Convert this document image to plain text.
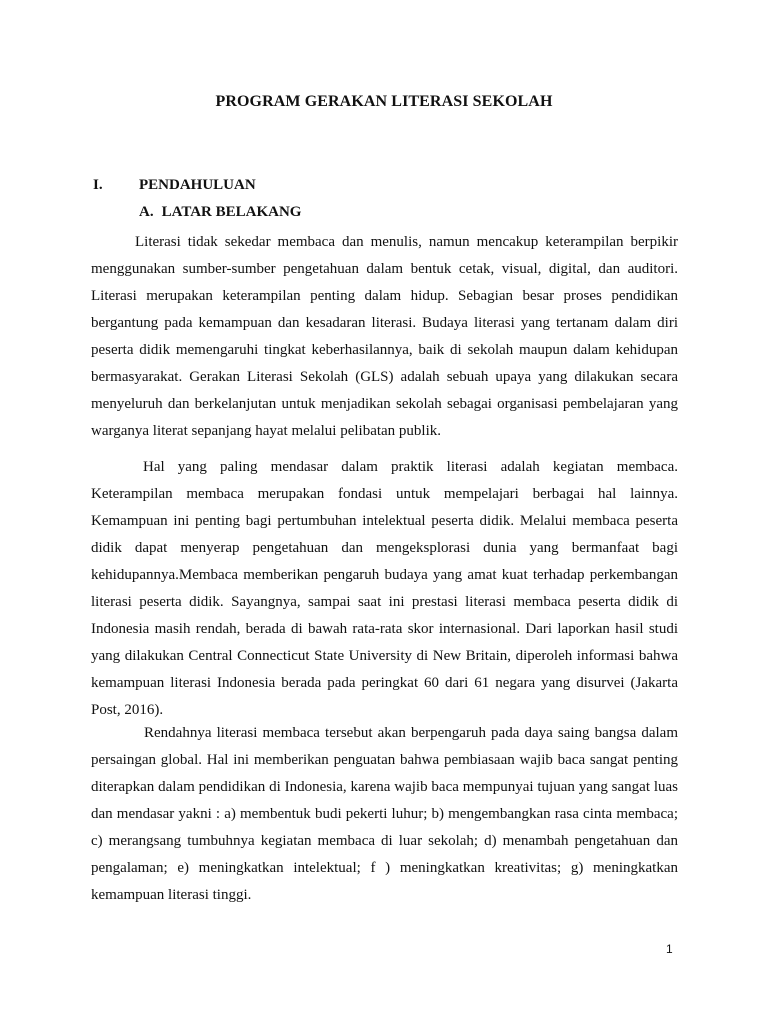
PROGRAM GERAKAN LITERASI SEKOLAH
I. PENDAHULUAN
A. LATAR BELAKANG

Literasi tidak sekedar membaca dan menulis, namun mencakup keterampilan berpikir menggunakan sumber-sumber pengetahuan dalam bentuk cetak, visual, digital, dan auditori. Literasi merupakan keterampilan penting dalam hidup. Sebagian besar proses pendidikan bergantung pada kemampuan dan kesadaran literasi. Budaya literasi yang tertanam dalam diri peserta didik memengaruhi tingkat keberhasilannya, baik di sekolah maupun dalam kehidupan bermasyarakat. Gerakan Literasi Sekolah (GLS) adalah sebuah upaya yang dilakukan secara menyeluruh dan berkelanjutan untuk menjadikan sekolah sebagai organisasi pembelajaran yang warganya literat sepanjang hayat melalui pelibatan publik.

Hal yang paling mendasar dalam praktik literasi adalah kegiatan membaca. Keterampilan membaca merupakan fondasi untuk mempelajari berbagai hal lainnya. Kemampuan ini penting bagi pertumbuhan intelektual peserta didik. Melalui membaca peserta didik dapat menyerap pengetahuan dan mengeksplorasi dunia yang bermanfaat bagi kehidupannya.Membaca memberikan pengaruh budaya yang amat kuat terhadap perkembangan literasi peserta didik. Sayangnya, sampai saat ini prestasi literasi membaca peserta didik di Indonesia masih rendah, berada di bawah rata-rata skor internasional. Dari laporkan hasil studi yang dilakukan Central Connecticut State University di New Britain, diperoleh informasi bahwa kemampuan literasi Indonesia berada pada peringkat 60 dari 61 negara yang disurvei (Jakarta Post, 2016).

Rendahnya literasi membaca tersebut akan berpengaruh pada daya saing bangsa dalam persaingan global. Hal ini memberikan penguatan bahwa pembiasaan wajib baca sangat penting diterapkan dalam pendidikan di Indonesia, karena wajib baca mempunyai tujuan yang sangat luas dan mendasar yakni : a) membentuk budi pekerti luhur; b) mengembangkan rasa cinta membaca; c) merangsang tumbuhnya kegiatan membaca di luar sekolah; d) menambah pengetahuan dan pengalaman; e) meningkatkan intelektual; f ) meningkatkan kreativitas; g) meningkatkan kemampuan literasi tinggi.

1
